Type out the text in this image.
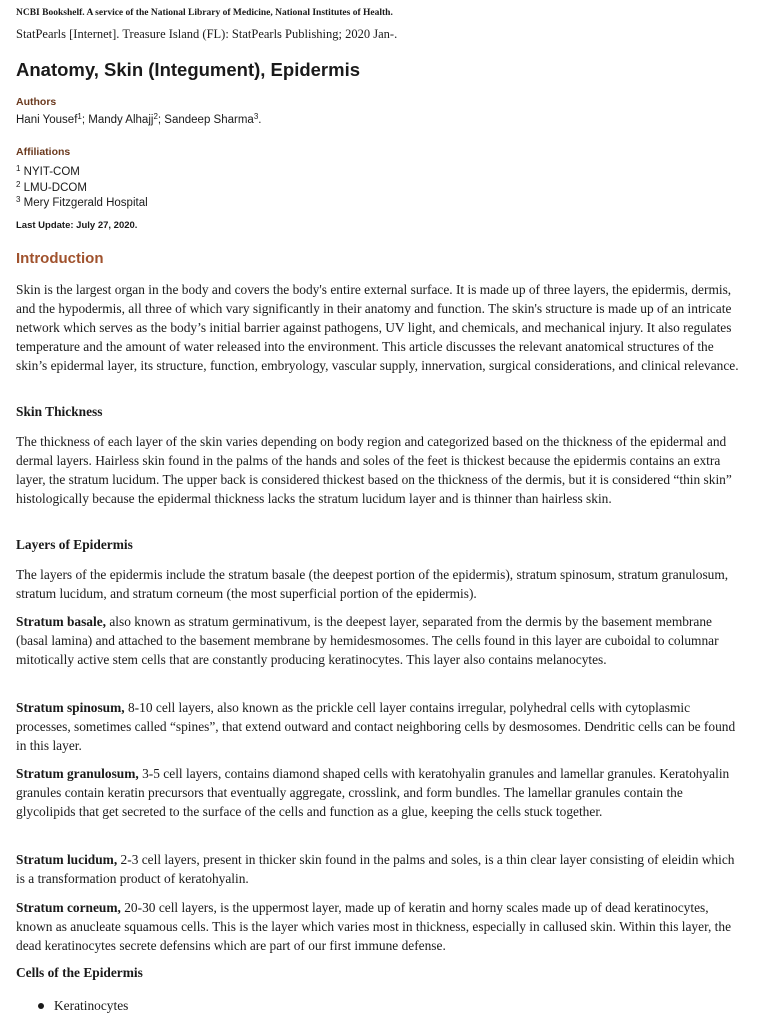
NCBI Bookshelf. A service of the National Library of Medicine, National Institutes of Health.
StatPearls [Internet]. Treasure Island (FL): StatPearls Publishing; 2020 Jan-.
Anatomy, Skin (Integument), Epidermis
Authors
Hani Yousef$^1$; Mandy Alhajj$^2$; Sandeep Sharma$^3$.
Affiliations
$^1$ NYIT-COM
$^2$ LMU-DCOM
$^3$ Mery Fitzgerald Hospital
Last Update: July 27, 2020.
Introduction

Skin is the largest organ in the body and covers the body's entire external surface. It is made up of three layers, the epidermis, dermis, and the hypodermis, all three of which vary significantly in their anatomy and function. The skin's structure is made up of an intricate network which serves as the body’s initial barrier against pathogens, UV light, and chemicals, and mechanical injury. It also regulates temperature and the amount of water released into the environment. This article discusses the relevant anatomical structures of the skin’s epidermal layer, its structure, function, embryology, vascular supply, innervation, surgical considerations, and clinical relevance.

Skin Thickness

The thickness of each layer of the skin varies depending on body region and categorized based on the thickness of the epidermal and dermal layers. Hairless skin found in the palms of the hands and soles of the feet is thickest because the epidermis contains an extra layer, the stratum lucidum. The upper back is considered thickest based on the thickness of the dermis, but it is considered “thin skin” histologically because the epidermal thickness lacks the stratum lucidum layer and is thinner than hairless skin.

Layers of Epidermis

The layers of the epidermis include the stratum basale (the deepest portion of the epidermis), stratum spinosum, stratum granulosum, stratum lucidum, and stratum corneum (the most superficial portion of the epidermis).

Stratum basale, also known as stratum germinativum, is the deepest layer, separated from the dermis by the basement membrane (basal lamina) and attached to the basement membrane by hemidesmosomes. The cells found in this layer are cuboidal to columnar mitotically active stem cells that are constantly producing keratinocytes. This layer also contains melanocytes.

Stratum spinosum, 8-10 cell layers, also known as the prickle cell layer contains irregular, polyhedral cells with cytoplasmic processes, sometimes called “spines”, that extend outward and contact neighboring cells by desmosomes. Dendritic cells can be found in this layer.

Stratum granulosum, 3-5 cell layers, contains diamond shaped cells with keratohyalin granules and lamellar granules. Keratohyalin granules contain keratin precursors that eventually aggregate, crosslink, and form bundles. The lamellar granules contain the glycolipids that get secreted to the surface of the cells and function as a glue, keeping the cells stuck together.

Stratum lucidum, 2-3 cell layers, present in thicker skin found in the palms and soles, is a thin clear layer consisting of eleidin which is a transformation product of keratohyalin.

Stratum corneum, 20-30 cell layers, is the uppermost layer, made up of keratin and horny scales made up of dead keratinocytes, known as anucleate squamous cells. This is the layer which varies most in thickness, especially in callused skin. Within this layer, the dead keratinocytes secrete defensins which are part of our first immune defense.

Cells of the Epidermis
Keratinocytes
